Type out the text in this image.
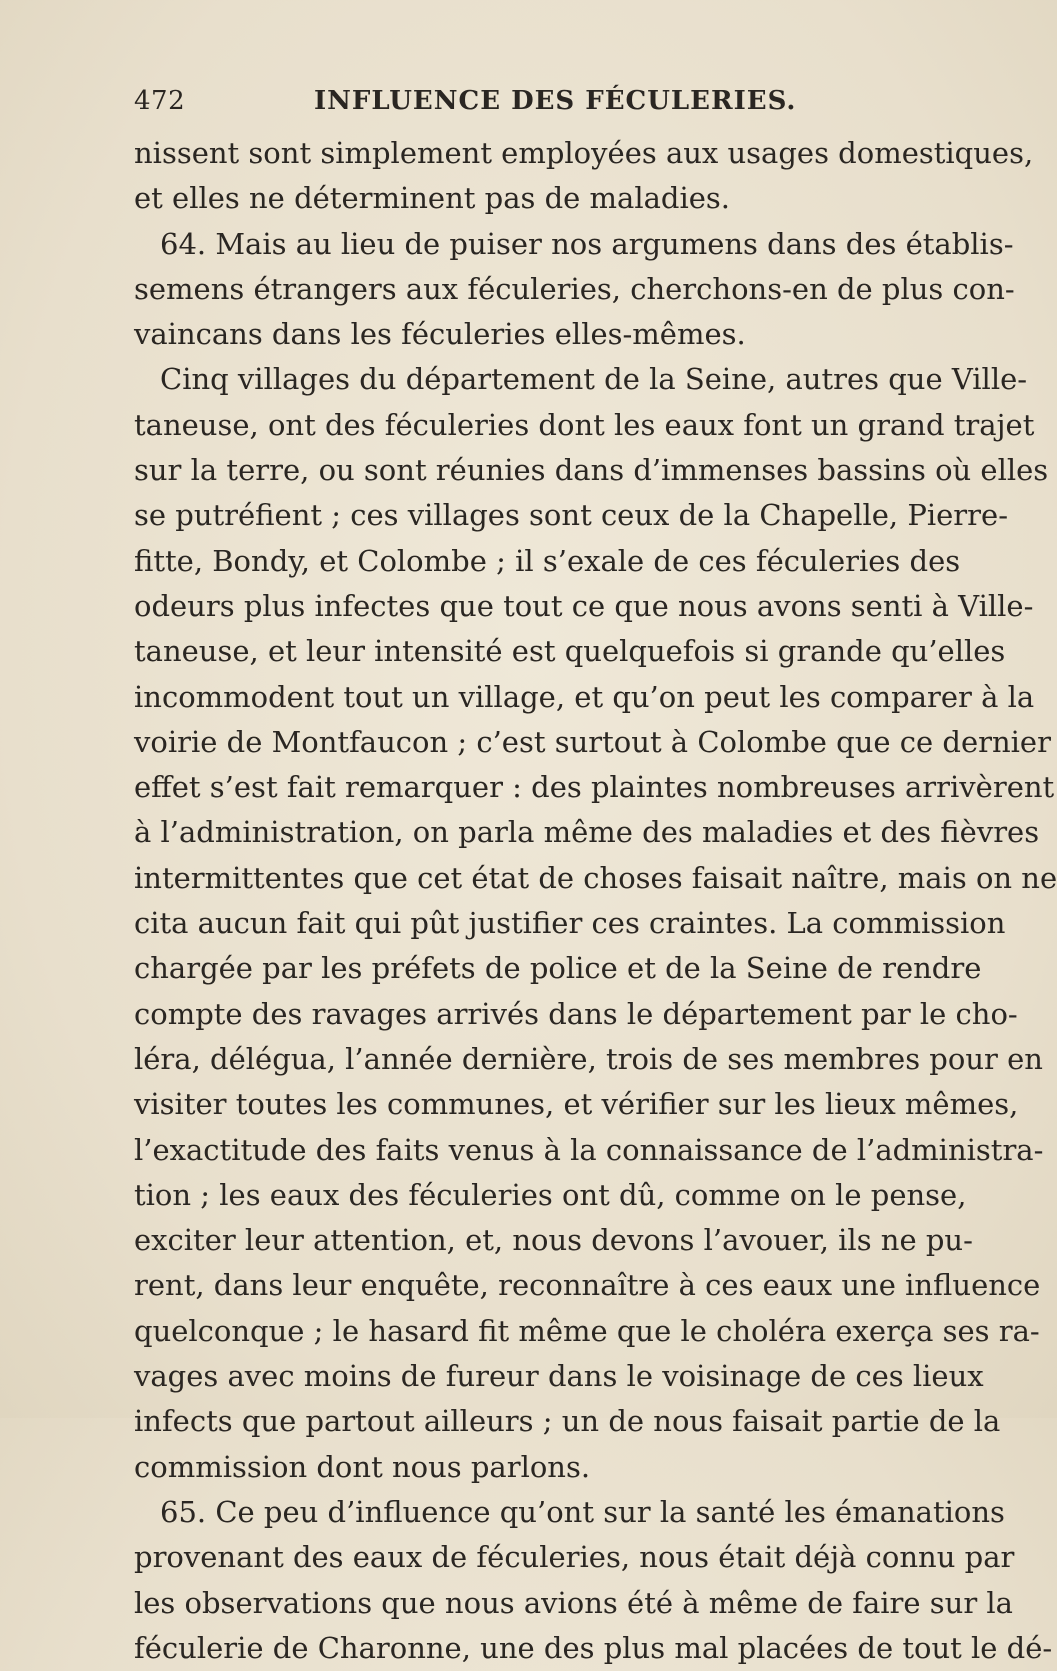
472	INFLUENCE DES FÉCULERIES.
nissent sont simplement employées aux usages domestiques,
et elles ne déterminent pas de maladies.
64. Mais au lieu de puiser nos argumens dans des établis-
semens étrangers aux féculeries, cherchons-en de plus con-
vaincans dans les féculeries elles-mêmes.
Cinq villages du département de la Seine, autres que Ville-
taneuse, ont des féculeries dont les eaux font un grand trajet
sur la terre, ou sont réunies dans d’immenses bassins où elles
se putréfient ; ces villages sont ceux de la Chapelle, Pierre-
fitte, Bondy, et Colombe ; il s’exale de ces féculeries des
odeurs plus infectes que tout ce que nous avons senti à Ville-
taneuse, et leur intensité est quelquefois si grande qu’elles
incommodent tout un village, et qu’on peut les comparer à la
voirie de Montfaucon ; c’est surtout à Colombe que ce dernier
effet s’est fait remarquer : des plaintes nombreuses arrivèrent
à l’administration, on parla même des maladies et des fièvres
intermittentes que cet état de choses faisait naître, mais on ne
cita aucun fait qui pût justifier ces craintes. La commission
chargée par les préfets de police et de la Seine de rendre
compte des ravages arrivés dans le département par le cho-
léra, délégua, l’année dernière, trois de ses membres pour en
visiter toutes les communes, et vérifier sur les lieux mêmes,
l’exactitude des faits venus à la connaissance de l’administra-
tion ; les eaux des féculeries ont dû, comme on le pense,
exciter leur attention, et, nous devons l’avouer, ils ne pu-
rent, dans leur enquête, reconnaître à ces eaux une influence
quelconque ; le hasard fit même que le choléra exerça ses ra-
vages avec moins de fureur dans le voisinage de ces lieux
infects que partout ailleurs ; un de nous faisait partie de la
commission dont nous parlons.
65. Ce peu d’influence qu’ont sur la santé les émanations
provenant des eaux de féculeries, nous était déjà connu par
les observations que nous avions été à même de faire sur la
féculerie de Charonne, une des plus mal placées de tout le dé-
